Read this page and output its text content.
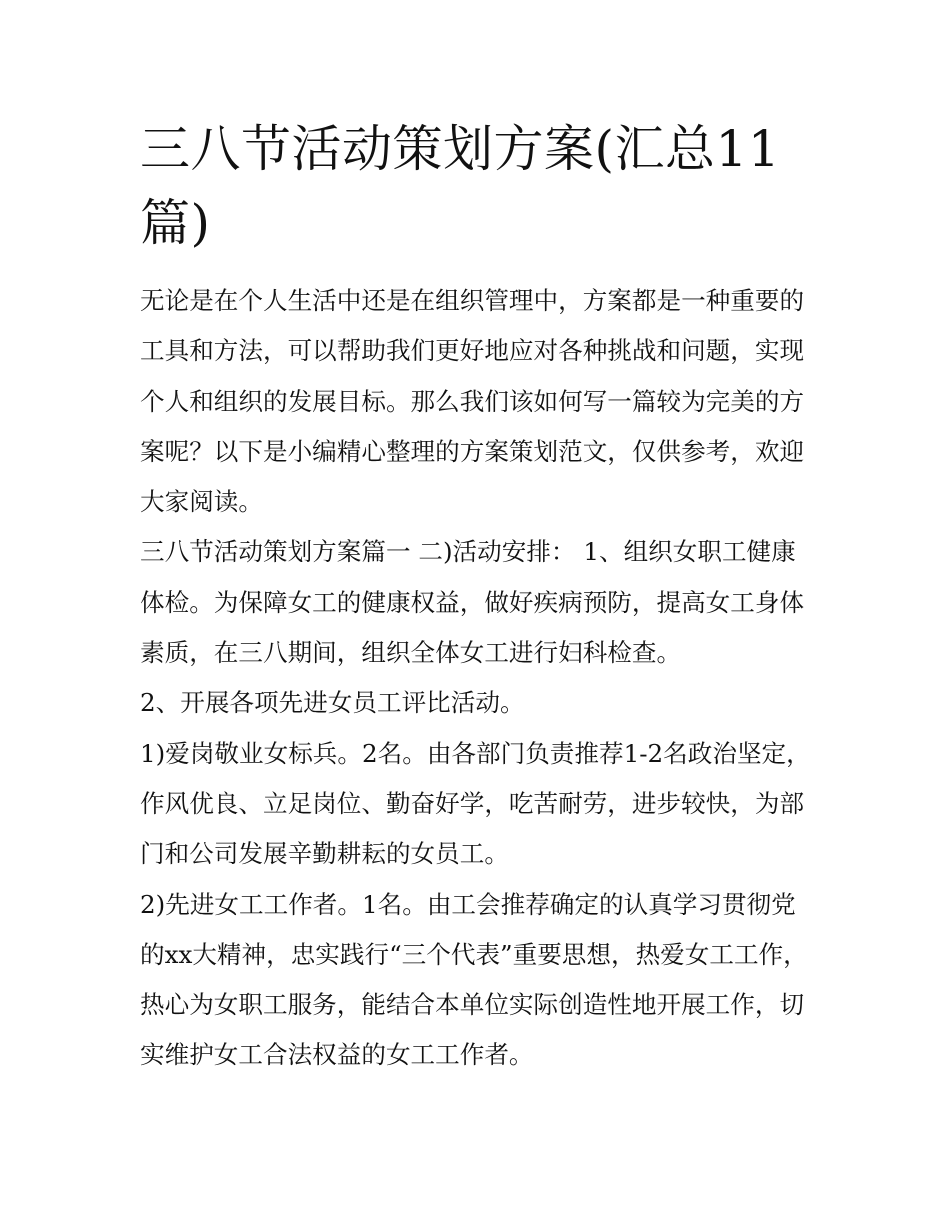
三八节活动策划方案(汇总11篇)

无论是在个人生活中还是在组织管理中，方案都是一种重要的工具和方法，可以帮助我们更好地应对各种挑战和问题，实现个人和组织的发展目标。那么我们该如何写一篇较为完美的方案呢？以下是小编精心整理的方案策划范文，仅供参考，欢迎大家阅读。

三八节活动策划方案篇一 二)活动安排： 1、组织女职工健康体检。为保障女工的健康权益，做好疾病预防，提高女工身体素质，在三八期间，组织全体女工进行妇科检查。

2、开展各项先进女员工评比活动。

1)爱岗敬业女标兵。2名。由各部门负责推荐1-2名政治坚定，作风优良、立足岗位、勤奋好学，吃苦耐劳，进步较快，为部门和公司发展辛勤耕耘的女员工。

2)先进女工工作者。1名。由工会推荐确定的认真学习贯彻党的xx大精神，忠实践行“三个代表”重要思想，热爱女工工作，热心为女职工服务，能结合本单位实际创造性地开展工作，切实维护女工合法权益的女工工作者。
